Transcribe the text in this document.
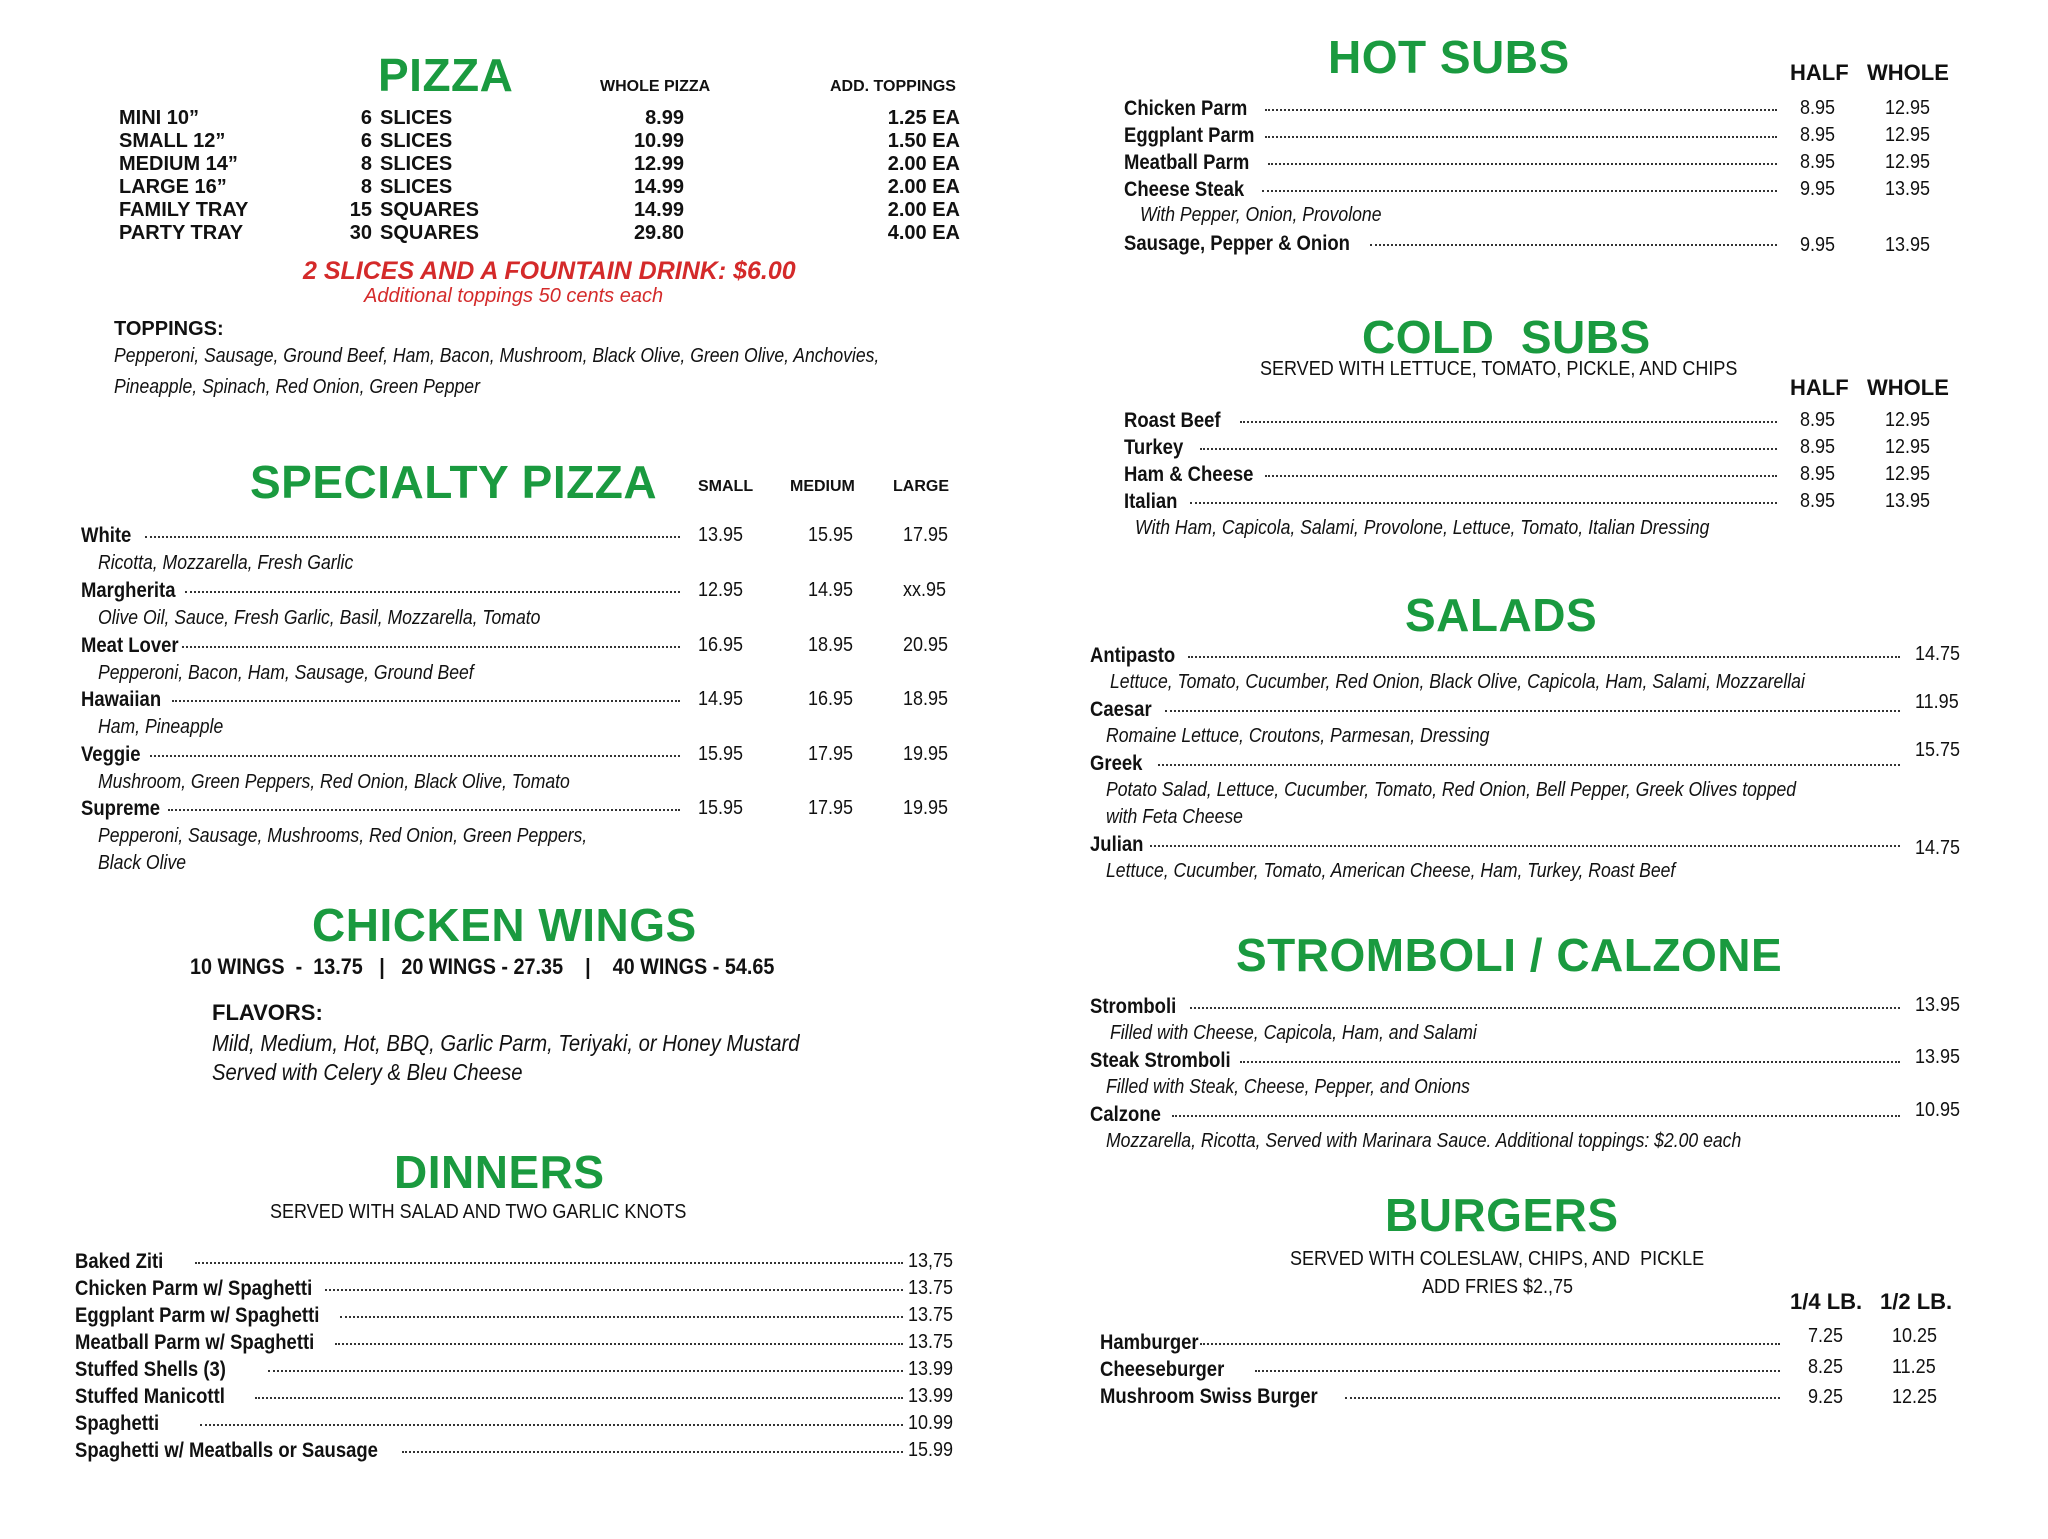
PIZZA	WHOLE PIZZA	ADD. TOPPINGS
MINI 10”	6 SLICES	8.99	1.25 EA
SMALL 12”	6 SLICES	10.99	1.50 EA
MEDIUM 14”	8 SLICES	12.99	2.00 EA
LARGE 16”	8 SLICES	14.99	2.00 EA
FAMILY TRAY	15 SQUARES	14.99	2.00 EA
PARTY TRAY	30 SQUARES	29.80	4.00 EA
2 SLICES AND A FOUNTAIN DRINK: $6.00
Additional toppings 50 cents each
TOPPINGS:
Pepperoni, Sausage, Ground Beef, Ham, Bacon, Mushroom, Black Olive, Green Olive, Anchovies,
Pineapple, Spinach, Red Onion, Green Pepper
SPECIALTY PIZZA	SMALL MEDIUM LARGE
White	13.95	15.95 17.95
Ricotta, Mozzarella, Fresh Garlic
Margherita	12.95	14.95 xx.95
Olive Oil, Sauce, Fresh Garlic, Basil, Mozzarella, Tomato
Meat Lover	16.95	18.95 20.95
Pepperoni, Bacon, Ham, Sausage, Ground Beef
Hawaiian	14.95	16.95 18.95
Ham, Pineapple
Veggie	15.95	17.95 19.95
Mushroom, Green Peppers, Red Onion, Black Olive, Tomato
Supreme	15.95	17.95 19.95
Pepperoni, Sausage, Mushrooms, Red Onion, Green Peppers,
Black Olive
CHICKEN WINGS
10 WINGS  -  13.75   |   20 WINGS - 27.35    |    40 WINGS - 54.65
FLAVORS:
Mild, Medium, Hot, BBQ, Garlic Parm, Teriyaki, or Honey Mustard
Served with Celery & Bleu Cheese
DINNERS
SERVED WITH SALAD AND TWO GARLIC KNOTS
Baked Ziti	13,75
Chicken Parm w/ Spaghetti	13.75
Eggplant Parm w/ Spaghetti	13.75
Meatball Parm w/ Spaghetti	13.75
Stuffed Shells (3)	13.99
Stuffed Manicottl	13.99
Spaghetti	10.99
Spaghetti w/ Meatballs or Sausage	15.99
HOT SUBS	HALF WHOLE
Chicken Parm	8.95 12.95
Eggplant Parm	8.95 12.95
Meatball Parm	8.95 12.95
Cheese Steak	9.95 13.95
With Pepper, Onion, Provolone
Sausage, Pepper & Onion	9.95 13.95
COLD  SUBS
SERVED WITH LETTUCE, TOMATO, PICKLE, AND CHIPS
HALF WHOLE
Roast Beef	8.95 12.95
Turkey	8.95 12.95
Ham & Cheese	8.95 12.95
Italian	8.95 13.95
With Ham, Capicola, Salami, Provolone, Lettuce, Tomato, Italian Dressing
SALADS
Antipasto	14.75
Lettuce, Tomato, Cucumber, Red Onion, Black Olive, Capicola, Ham, Salami, Mozzarellai
Caesar	11.95
Romaine Lettuce, Croutons, Parmesan, Dressing
Greek
15.75
Potato Salad, Lettuce, Cucumber, Tomato, Red Onion, Bell Pepper, Greek Olives topped
with Feta Cheese
Julian	14.75
Lettuce, Cucumber, Tomato, American Cheese, Ham, Turkey, Roast Beef
STROMBOLI / CALZONE
Stromboli	13.95
Filled with Cheese, Capicola, Ham, and Salami
Steak Stromboli	13.95
Filled with Steak, Cheese, Pepper, and Onions
Calzone	10.95
Mozzarella, Ricotta, Served with Marinara Sauce. Additional toppings: $2.00 each
BURGERS
SERVED WITH COLESLAW, CHIPS, AND  PICKLE
ADD FRIES $2.,75
1/4 LB. 1/2 LB.
Hamburger	7.25 10.25
Cheeseburger	8.25 11.25
Mushroom Swiss Burger	9.25 12.25
